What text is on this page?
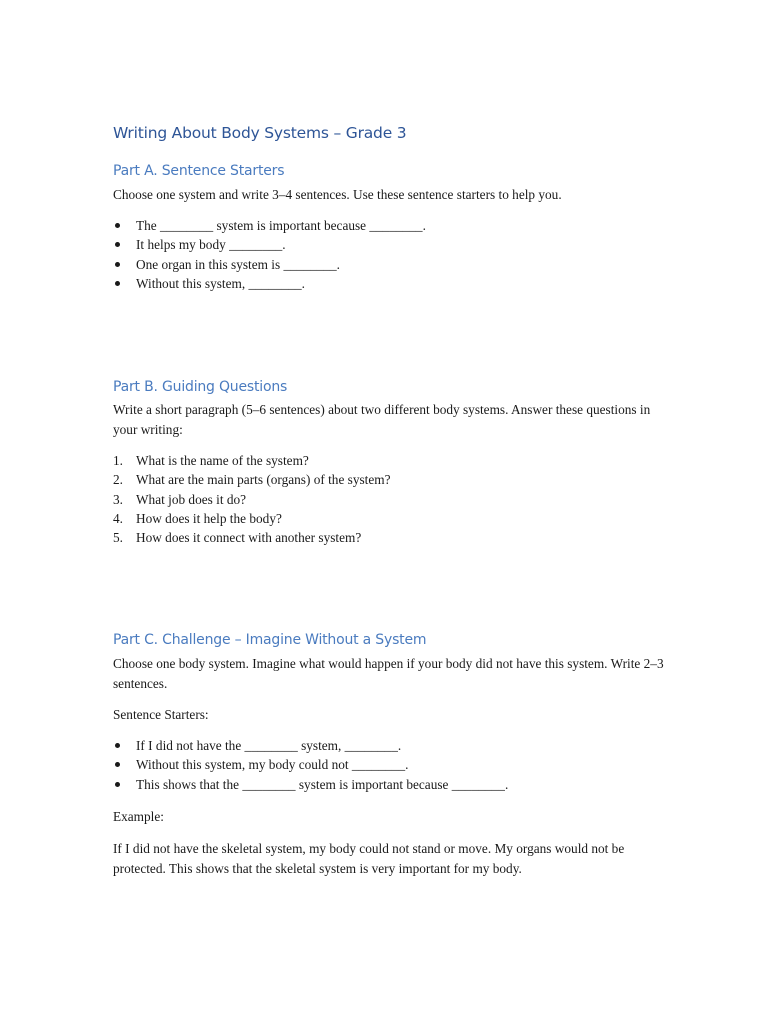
Writing About Body Systems – Grade 3
Part A. Sentence Starters

Choose one system and write 3–4 sentences. Use these sentence starters to help you.

The ________ system is important because ________.
It helps my body ________.
One organ in this system is ________.
Without this system, ________.
Part B. Guiding Questions

Write a short paragraph (5–6 sentences) about two different body systems. Answer these questions in your writing:

1. What is the name of the system?
2. What are the main parts (organs) of the system?
3. What job does it do?
4. How does it help the body?
5. How does it connect with another system?
Part C. Challenge – Imagine Without a System

Choose one body system. Imagine what would happen if your body did not have this system. Write 2–3 sentences.

Sentence Starters:

If I did not have the ________ system, ________.
Without this system, my body could not ________.
This shows that the ________ system is important because ________.

Example:

If I did not have the skeletal system, my body could not stand or move. My organs would not be protected. This shows that the skeletal system is very important for my body.
